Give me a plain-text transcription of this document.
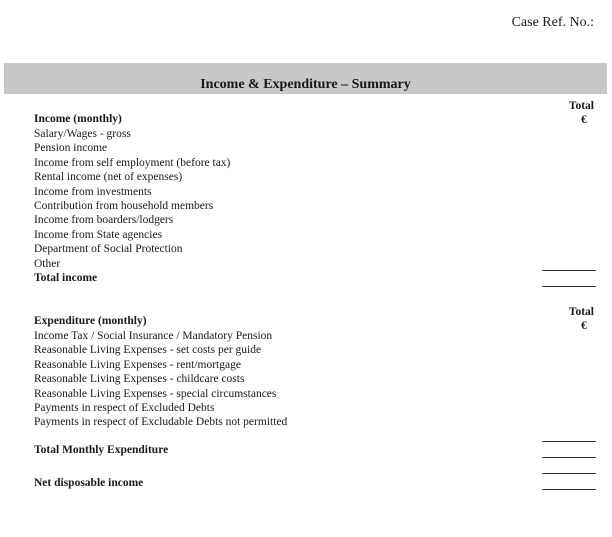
Case Ref. No.:
Income & Expenditure – Summary
Total
€
Income (monthly)
Salary/Wages - gross
Pension income
Income from self employment (before tax)
Rental income (net of expenses)
Income from investments
Contribution from household members
Income from boarders/lodgers
Income from State agencies
Department of Social Protection
Other
Total income
Total
€
Expenditure (monthly)
Income Tax / Social Insurance / Mandatory Pension
Reasonable Living Expenses - set costs per guide
Reasonable Living Expenses - rent/mortgage
Reasonable Living Expenses - childcare costs
Reasonable Living Expenses - special circumstances
Payments in respect of Excluded Debts
Payments in respect of Excludable Debts not permitted
Total Monthly Expenditure
Net disposable income
